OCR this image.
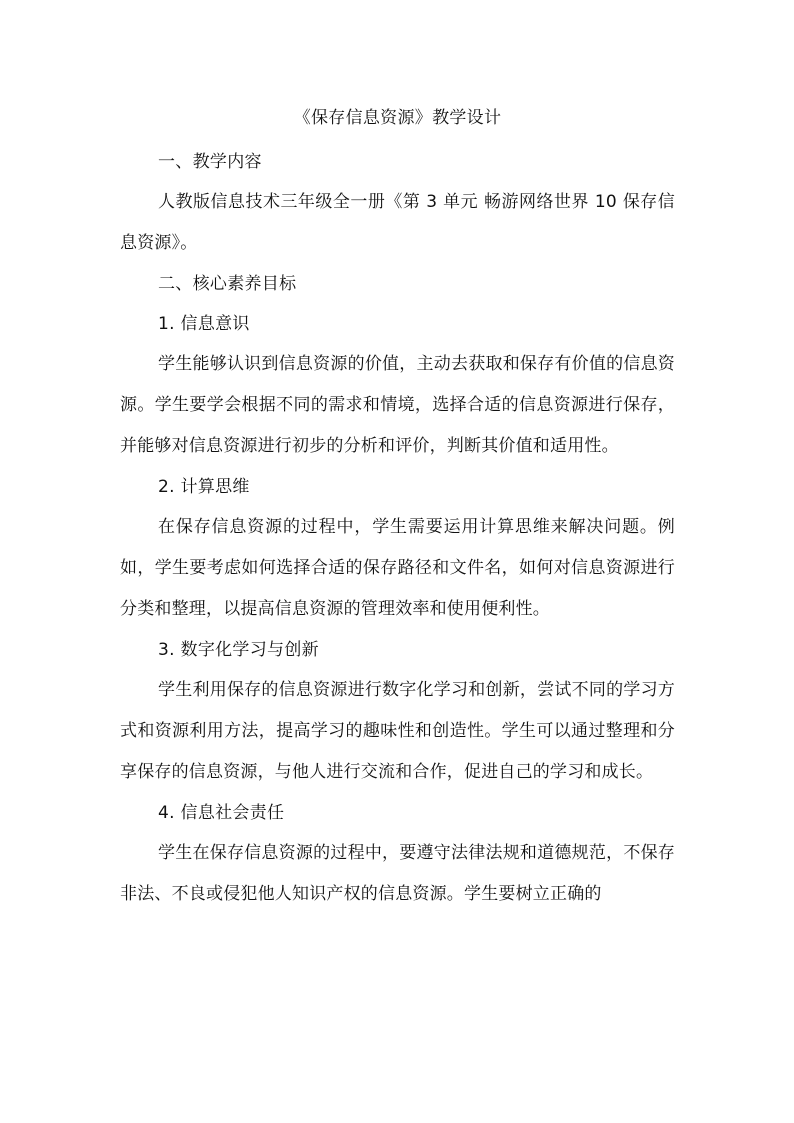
《保存信息资源》教学设计

一、教学内容

人教版信息技术三年级全一册《第 3 单元 畅游网络世界 10 保存信息资源》。

二、核心素养目标

1. 信息意识

学生能够认识到信息资源的价值，主动去获取和保存有价值的信息资源。学生要学会根据不同的需求和情境，选择合适的信息资源进行保存，并能够对信息资源进行初步的分析和评价，判断其价值和适用性。

2. 计算思维

在保存信息资源的过程中，学生需要运用计算思维来解决问题。例如，学生要考虑如何选择合适的保存路径和文件名，如何对信息资源进行分类和整理，以提高信息资源的管理效率和使用便利性。

3. 数字化学习与创新

学生利用保存的信息资源进行数字化学习和创新，尝试不同的学习方式和资源利用方法，提高学习的趣味性和创造性。学生可以通过整理和分享保存的信息资源，与他人进行交流和合作，促进自己的学习和成长。

4. 信息社会责任

学生在保存信息资源的过程中，要遵守法律法规和道德规范，不保存非法、不良或侵犯他人知识产权的信息资源。学生要树立正确的
